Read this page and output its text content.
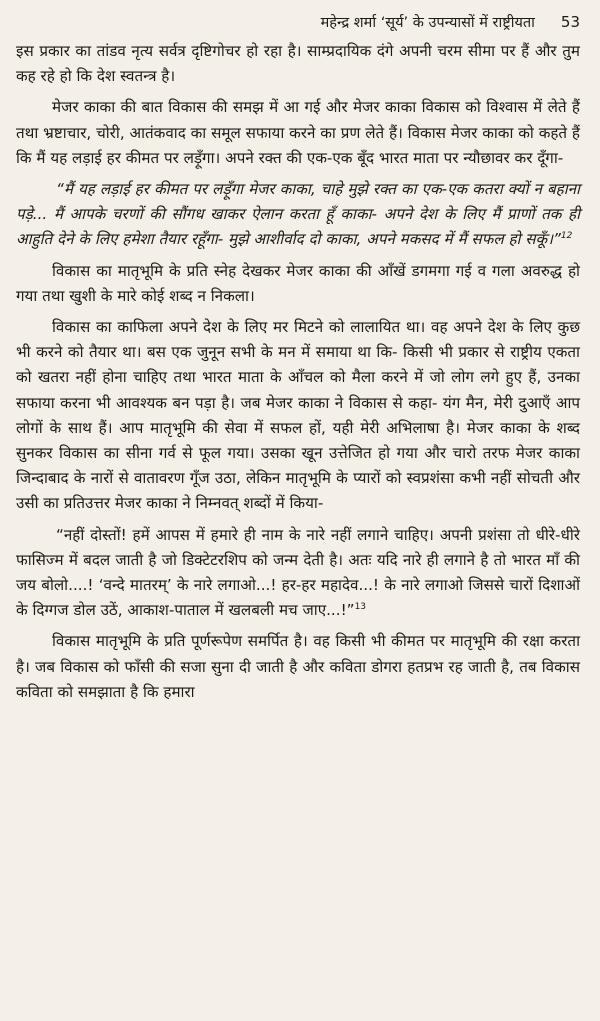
महेन्द्र शर्मा ‘सूर्य’ के उपन्यासों में राष्ट्रीयता 53

इस प्रकार का तांडव नृत्य सर्वत्र दृष्टिगोचर हो रहा है। साम्प्रदायिक दंगे अपनी चरम सीमा पर हैं और तुम कह रहे हो कि देश स्वतन्त्र है।

मेजर काका की बात विकास की समझ में आ गई और मेजर काका विकास को विश्वास में लेते हैं तथा भ्रष्टाचार, चोरी, आतंकवाद का समूल सफाया करने का प्रण लेते हैं। विकास मेजर काका को कहते हैं कि मैं यह लड़ाई हर कीमत पर लड़ूँगा। अपने रक्त की एक-एक बूँद भारत माता पर न्यौछावर कर दूँगा-

“मैं यह लड़ाई हर कीमत पर लड़ूँगा मेजर काका, चाहे मुझे रक्त का एक-एक कतरा क्यों न बहाना पड़े... मैं आपके चरणों की सौंगध खाकर ऐलान करता हूँ काका- अपने देश के लिए मैं प्राणों तक ही आहुति देने के लिए हमेशा तैयार रहूँगा- मुझे आशीर्वाद दो काका, अपने मकसद में मैं सफल हो सकूँ।”$^{12}$

विकास का मातृभूमि के प्रति स्नेह देखकर मेजर काका की आँखें डगमगा गई व गला अवरुद्ध हो गया तथा खुशी के मारे कोई शब्द न निकला।

विकास का काफिला अपने देश के लिए मर मिटने को लालायित था। वह अपने देश के लिए कुछ भी करने को तैयार था। बस एक जुनून सभी के मन में समाया था कि- किसी भी प्रकार से राष्ट्रीय एकता को खतरा नहीं होना चाहिए तथा भारत माता के आँचल को मैला करने में जो लोग लगे हुए हैं, उनका सफाया करना भी आवश्यक बन पड़ा है। जब मेजर काका ने विकास से कहा- यंग मैन, मेरी दुआएँ आप लोगों के साथ हैं। आप मातृभूमि की सेवा में सफल हों, यही मेरी अभिलाषा है। मेजर काका के शब्द सुनकर विकास का सीना गर्व से फूल गया। उसका खून उत्तेजित हो गया और चारो तरफ मेजर काका जिन्दाबाद के नारों से वातावरण गूँज उठा, लेकिन मातृभूमि के प्यारों को स्वप्रशंसा कभी नहीं सोचती और उसी का प्रतिउत्तर मेजर काका ने निम्नवत् शब्दों में किया-

“नहीं दोस्तों! हमें आपस में हमारे ही नाम के नारे नहीं लगाने चाहिए। अपनी प्रशंसा तो धीरे-धीरे फासिज्म में बदल जाती है जो डिक्टेटरशिप को जन्म देती है। अतः यदि नारे ही लगाने है तो भारत माँ की जय बोलो....! ‘वन्दे मातरम्’ के नारे लगाओ...! हर-हर महादेव...! के नारे लगाओ जिससे चारों दिशाओं के दिग्गज डोल उठें, आकाश-पाताल में खलबली मच जाए...!”$^{13}$

विकास मातृभूमि के प्रति पूर्णरूपेण समर्पित है। वह किसी भी कीमत पर मातृभूमि की रक्षा करता है। जब विकास को फाँसी की सजा सुना दी जाती है और कविता डोगरा हतप्रभ रह जाती है, तब विकास कविता को समझाता है कि हमारा
